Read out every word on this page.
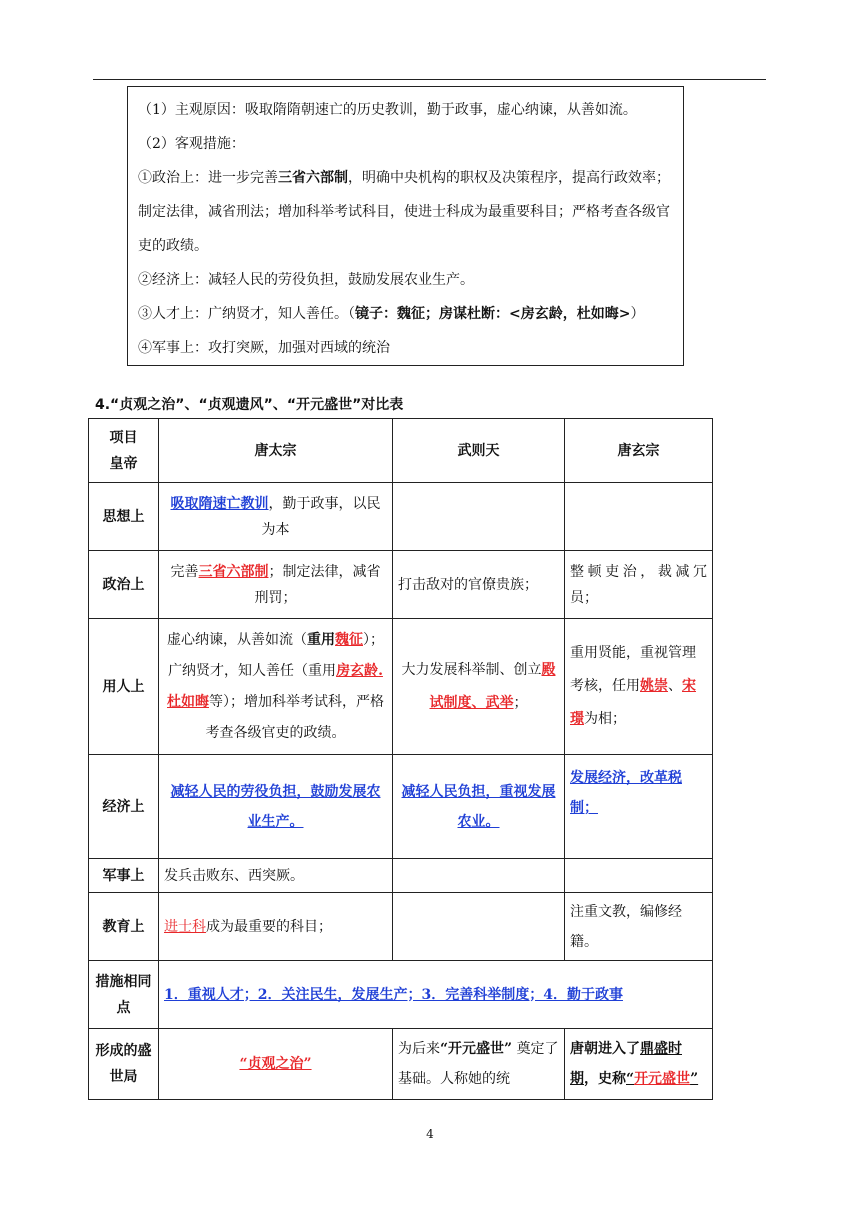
（1）主观原因：吸取隋隋朝速亡的历史教训，勤于政事，虚心纳谏，从善如流。

（2）客观措施：

①政治上：进一步完善三省六部制，明确中央机构的职权及决策程序，提高行政效率；制定法律，减省刑法；增加科举考试科目，使进士科成为最重要科目；严格考查各级官吏的政绩。

②经济上：减轻人民的劳役负担，鼓励发展农业生产。

③人才上：广纳贤才，知人善任。（镜子：魏征；房谋杜断：<房玄龄，杜如晦>）

④军事上：攻打突厥，加强对西域的统治

4.“贞观之治”、“贞观遗风”、“开元盛世”对比表
项目
皇帝	唐太宗	武则天	唐玄宗
思想上	吸取隋速亡教训，勤于政事，以民为本		
政治上	完善三省六部制；制定法律，减省刑罚；	打击敌对的官僚贵族；	整顿吏治，裁减冗员；
用人上	虚心纳谏，从善如流（重用魏征）；广纳贤才，知人善任（重用房玄龄.杜如晦等）；增加科举考试科，严格考查各级官吏的政绩。	大力发展科举制、创立殿试制度、武举；	重用贤能，重视管理考核，任用姚崇、宋璟为相；
经济上	减轻人民的劳役负担，鼓励发展农业生产。	减轻人民负担，重视发展农业。	发展经济，改革税制；
军事上	发兵击败东、西突厥。		
教育上	进士科成为最重要的科目；		注重文教，编修经籍。
措施相同点	1．重视人才；2．关注民生，发展生产；3．完善科举制度；4．勤于政事		
形成的盛世局	“贞观之治”	为后来“开元盛世” 奠定了基础。人称她的统	唐朝进入了鼎盛时期，史称“开元盛世”
4
